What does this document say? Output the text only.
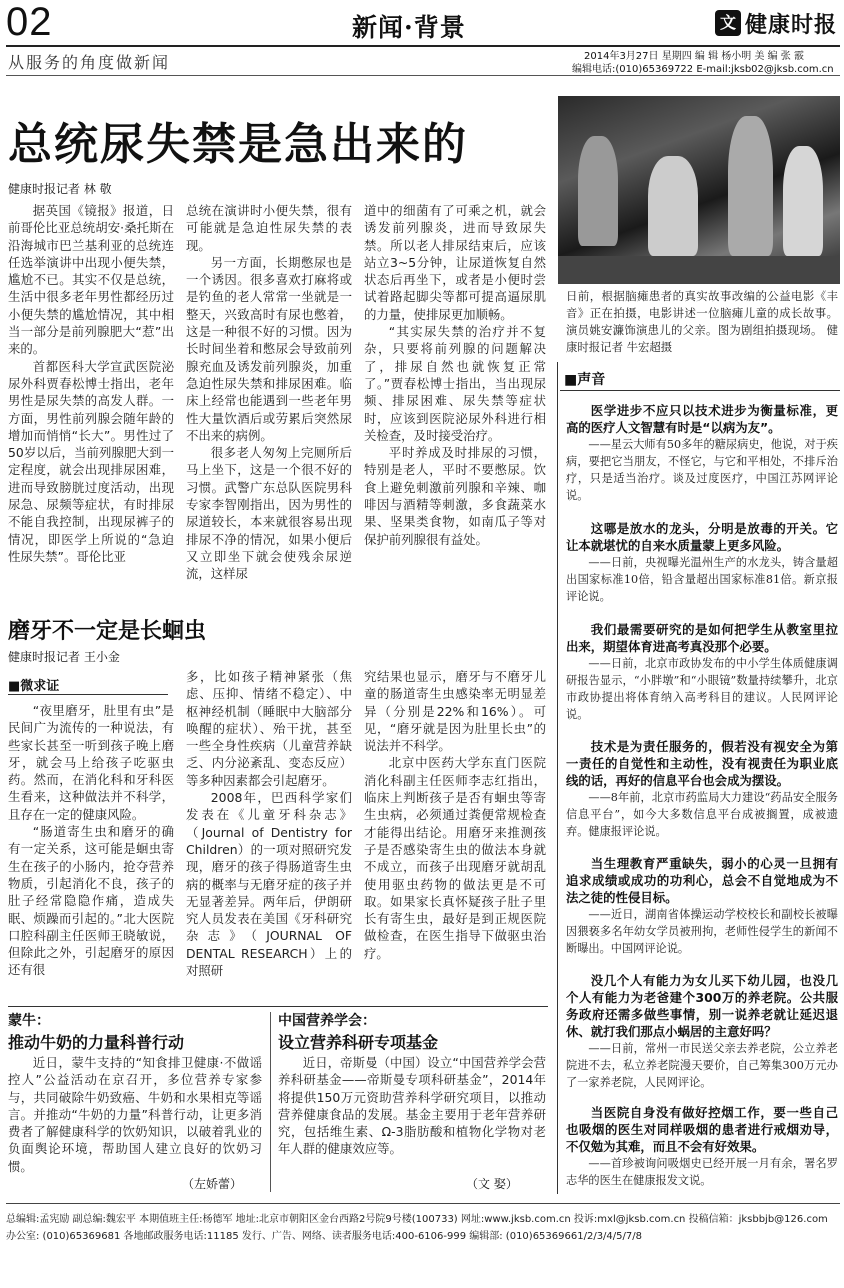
02	新闻·背景	文 健康时报
从服务的角度做新闻	2014年3月27日 星期四 编 辑 杨小明 美 编 张 霰
编辑电话:(010)65369722 E-mail:jksb02@jksb.com.cn
总统尿失禁是急出来的
健康时报记者 林 敬

据英国《镜报》报道，日前哥伦比亚总统胡安·桑托斯在沿海城市巴兰基利亚的总统连任选举演讲中出现小便失禁，尴尬不已。其实不仅是总统，生活中很多老年男性都经历过小便失禁的尴尬情况，其中相当一部分是前列腺肥大“惹”出来的。

首都医科大学宣武医院泌尿外科贾春松博士指出，老年男性是尿失禁的高发人群。一方面，男性前列腺会随年龄的增加而悄悄“长大”。男性过了50岁以后，当前列腺肥大到一定程度，就会出现排尿困难，进而导致膀胱过度活动，出现尿急、尿频等症状，有时排尿不能自我控制，出现尿裤子的情况，即医学上所说的“急迫性尿失禁”。哥伦比亚

总统在演讲时小便失禁，很有可能就是急迫性尿失禁的表现。

另一方面，长期憋尿也是一个诱因。很多喜欢打麻将或是钓鱼的老人常常一坐就是一整天，兴致高时有尿也憋着，这是一种很不好的习惯。因为长时间坐着和憋尿会导致前列腺充血及诱发前列腺炎，加重急迫性尿失禁和排尿困难。临床上经常也能遇到一些老年男性大量饮酒后或劳累后突然尿不出来的病例。

很多老人匆匆上完厕所后马上坐下，这是一个很不好的习惯。武警广东总队医院男科专家李智刚指出，因为男性的尿道较长，本来就很容易出现排尿不净的情况，如果小便后又立即坐下就会使残余尿逆流，这样尿

道中的细菌有了可乘之机，就会诱发前列腺炎，进而导致尿失禁。所以老人排尿结束后，应该站立3~5分钟，让尿道恢复自然状态后再坐下，或者是小便时尝试着路起脚尖等都可提高逼尿肌的力量，使排尿更加顺畅。

“其实尿失禁的治疗并不复杂，只要将前列腺的问题解决了，排尿自然也就恢复正常了。”贾春松博士指出，当出现尿频、排尿困难、尿失禁等症状时，应该到医院泌尿外科进行相关检查，及时接受治疗。

平时养成及时排尿的习惯，特别是老人，平时不要憋尿。饮食上避免刺激前列腺和辛辣、咖啡因与酒精等刺激，多食蔬菜水果、坚果类食物，如南瓜子等对保护前列腺很有益处。

日前，根据脑瘫患者的真实故事改编的公益电影《丰音》正在拍摄，电影讲述一位脑瘫儿童的成长故事。演员姚安濂饰演患儿的父亲。图为剧组拍摄现场。 健康时报记者 牛宏超摄
■声音
医学进步不应只以技术进步为衡量标准，更高的医疗人文智慧有时是“以病为友”。
——星云大师有50多年的糖尿病史，他说，对于疾病，要把它当朋友，不怪它，与它和平相处，不排斥治疗，只是适当治疗。谈及过度医疗，中国江苏网评论说。
这哪是放水的龙头，分明是放毒的开关。它让本就堪忧的自来水质量蒙上更多风险。
——日前，央视曝光温州生产的水龙头，铸含量超出国家标准10倍，铅含量超出国家标准81倍。新京报评论说。
我们最需要研究的是如何把学生从教室里拉出来，期望体育进高考真没那个必要。
——日前，北京市政协发布的中小学生体质健康调研报告显示，“小胖墩”和“小眼镜”数量持续攀升，北京市政协提出将体育纳入高考科目的建议。人民网评论说。
技术是为责任服务的，假若没有视安全为第一责任的自觉性和主动性，没有视责任为职业底线的话，再好的信息平台也会成为摆设。
——8年前，北京市药监局大力建设“药品安全服务信息平台”，如今大多数信息平台成被搁置，成被遗弃。健康报评论说。
当生理教育严重缺失，弱小的心灵一旦拥有追求成绩或成功的功利心，总会不自觉地成为不法之徒的性侵目标。
——近日，湖南省体操运动学校校长和副校长被曝因猥亵多名年幼女学员被刑拘，老师性侵学生的新闻不断曝出。中国网评论说。
没几个人有能力为女儿买下幼儿园，也没几个人有能力为老爸建个300万的养老院。公共服务政府还需多做些事情，别一说养老就让延迟退休、就打我们那点小蜗居的主意好吗？
——日前，常州一市民送父亲去养老院，公立养老院进不去，私立养老院漫天要价，自己筹集300万元办了一家养老院，人民网评论。
当医院自身没有做好控烟工作，要一些自己也吸烟的医生对同样吸烟的患者进行戒烟劝导，不仅勉为其难，而且不会有好效果。
——首珍被询问吸烟史已经开展一月有余，署名罗志华的医生在健康报发文说。
磨牙不一定是长蛔虫
健康时报记者 王小金
■微求证

“夜里磨牙，肚里有虫”是民间广为流传的一种说法，有些家长甚至一听到孩子晚上磨牙，就会马上给孩子吃驱虫药。然而，在消化科和牙科医生看来，这种做法并不科学，且存在一定的健康风险。

“肠道寄生虫和磨牙的确有一定关系，这可能是蛔虫寄生在孩子的小肠内，抢夺营养物质，引起消化不良，孩子的肚子经常隐隐作痛，造成失眠、烦躁而引起的。”北大医院口腔科副主任医师王晓敏说，但除此之外，引起磨牙的原因还有很

多，比如孩子精神紧张（焦虑、压抑、情绪不稳定）、中枢神经机制（睡眠中大脑部分唤醒的症状）、殆干扰，甚至一些全身性疾病（儿童营养缺乏、内分泌紊乱、变态反应）等多种因素都会引起磨牙。

2008年，巴西科学家们发表在《儿童牙科杂志》（Journal of Dentistry for Children）的一项对照研究发现，磨牙的孩子得肠道寄生虫病的概率与无磨牙症的孩子并无显著差异。两年后，伊朗研究人员发表在美国《牙科研究杂志》（JOURNAL OF DENTAL RESEARCH）上的对照研

究结果也显示，磨牙与不磨牙儿童的肠道寄生虫感染率无明显差异（分别是22%和16%）。可见，“磨牙就是因为肚里长虫”的说法并不科学。

北京中医药大学东直门医院消化科副主任医师李志红指出，临床上判断孩子是否有蛔虫等寄生虫病，必须通过粪便常规检查才能得出结论。用磨牙来推测孩子是否感染寄生虫的做法本身就不成立，而孩子出现磨牙就胡乱使用驱虫药物的做法更是不可取。如果家长真怀疑孩子肚子里长有寄生虫，最好是到正规医院做检查，在医生指导下做驱虫治疗。

蒙牛：
推动牛奶的力量科普行动

近日，蒙牛支持的“知食排卫健康·不做谣控人”公益活动在京召开，多位营养专家参与，共同破除牛奶致癌、牛奶和水果相克等谣言。并推动“牛奶的力量”科普行动，让更多消费者了解健康科学的饮奶知识，以破着乳业的负面舆论环境，帮助国人建立良好的饮奶习惯。

（左娇蕾）
中国营养学会：
设立营养科研专项基金

近日，帝斯曼（中国）设立“中国营养学会营养科研基金——帝斯曼专项科研基金”，2014年将提供150万元资助营养科学研究项目，以推动营养健康食品的发展。基金主要用于老年营养研究，包括维生素、Ω-3脂肪酸和植物化学物对老年人群的健康效应等。

（文 娶）
总编辑:孟宪励 副总编:魏宏平 本期值班主任:杨德军 地址:北京市朝阳区金台西路2号院9号楼(100733) 网址:www.jksb.com.cn 投诉:mxl@jksb.com.cn 投稿信箱：jksbbjb@126.com
办公室: (010)65369681 各地邮政服务电话:11185 发行、广告、网络、读者服务电话:400-6106-999 编辑部: (010)65369661/2/3/4/5/7/8
